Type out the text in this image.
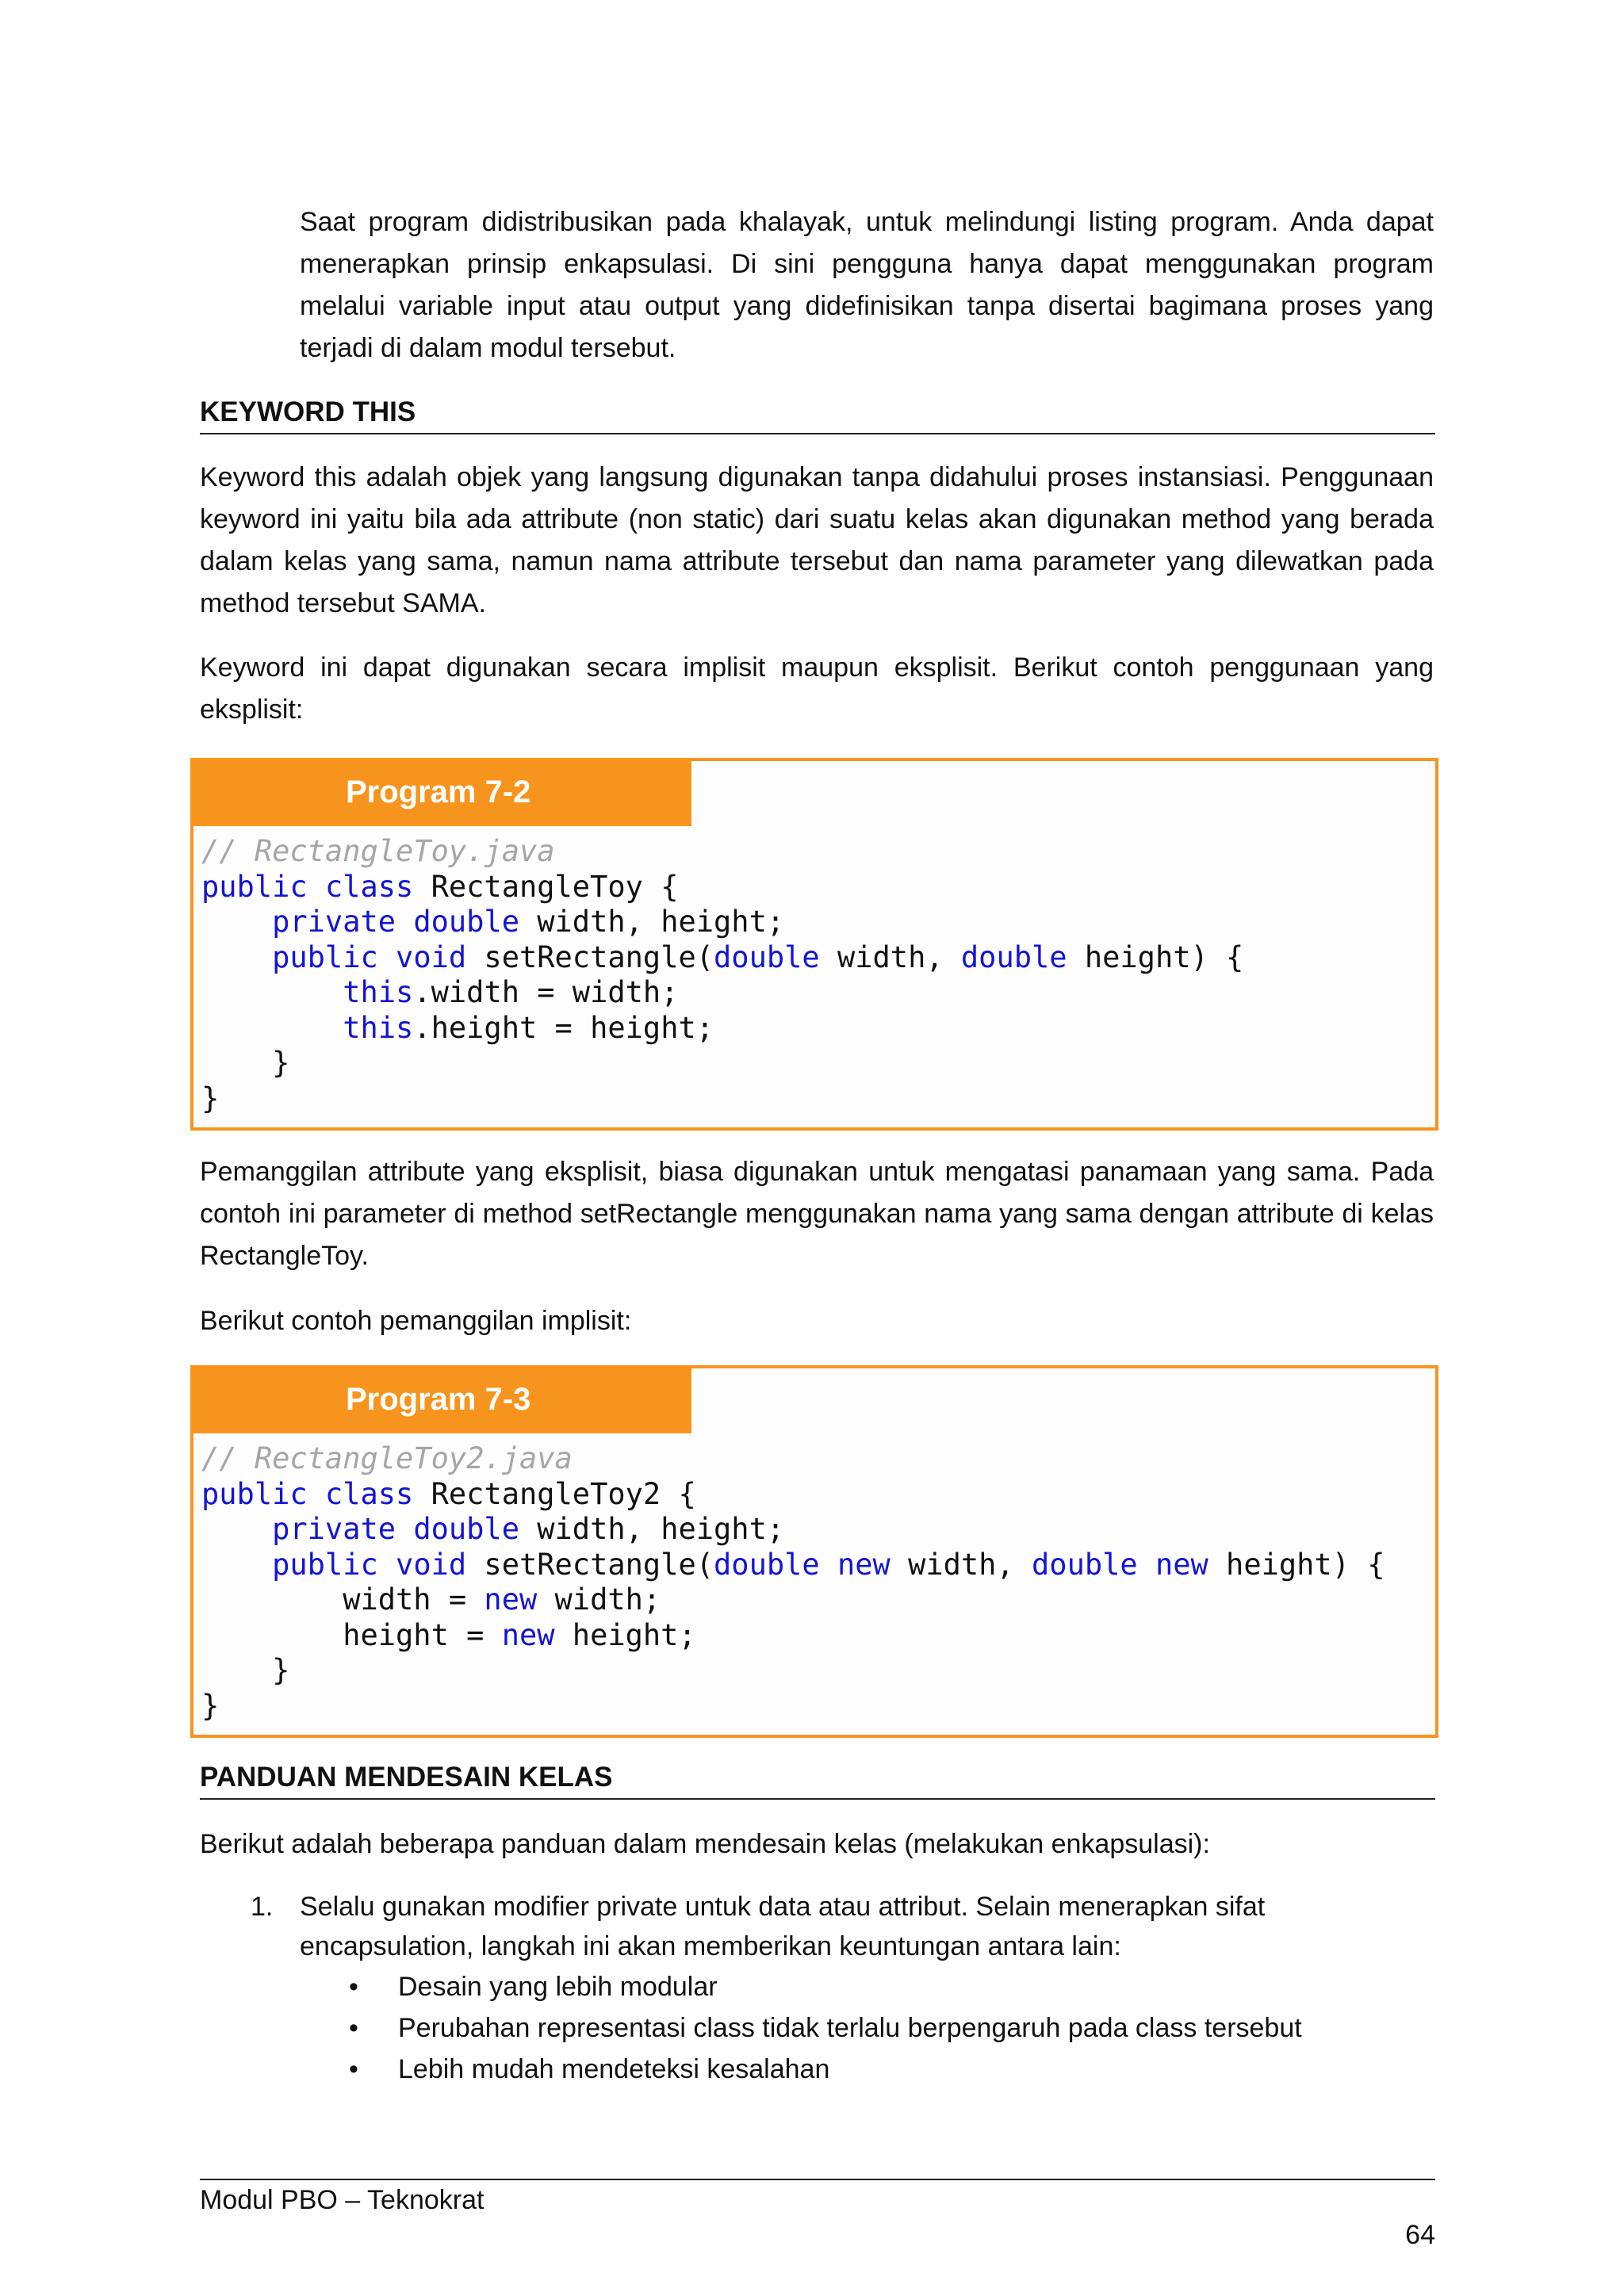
Saat program didistribusikan pada khalayak, untuk melindungi listing program. Anda dapat menerapkan prinsip enkapsulasi. Di sini pengguna hanya dapat menggunakan program melalui variable input atau output yang didefinisikan tanpa disertai bagimana proses yang terjadi di dalam modul tersebut.

KEYWORD THIS

Keyword this adalah objek yang langsung digunakan tanpa didahului proses instansiasi. Penggunaan keyword ini yaitu bila ada attribute (non static) dari suatu kelas akan digunakan method yang berada dalam kelas yang sama, namun nama attribute tersebut dan nama parameter yang dilewatkan pada method tersebut SAMA.

Keyword ini dapat digunakan secara implisit maupun eksplisit. Berikut contoh penggunaan yang eksplisit:

Program 7-2
// RectangleToy.java
public class RectangleToy {
private double width, height;
public void setRectangle(double width, double height) {
this.width = width;
this.height = height;
}
}

Pemanggilan attribute yang eksplisit, biasa digunakan untuk mengatasi panamaan yang sama. Pada contoh ini parameter di method setRectangle menggunakan nama yang sama dengan attribute di kelas RectangleToy.

Berikut contoh pemanggilan implisit:

Program 7-3
// RectangleToy2.java
public class RectangleToy2 {
private double width, height;
public void setRectangle(double new width, double new height) {
width = new width;
height = new height;
}
}
PANDUAN MENDESAIN KELAS

Berikut adalah beberapa panduan dalam mendesain kelas (melakukan enkapsulasi):

1. Selalu gunakan modifier private untuk data atau attribut. Selain menerapkan sifat encapsulation, langkah ini akan memberikan keuntungan antara lain:
• Desain yang lebih modular
• Perubahan representasi class tidak terlalu berpengaruh pada class tersebut
• Lebih mudah mendeteksi kesalahan
Modul PBO – Teknokrat
64
